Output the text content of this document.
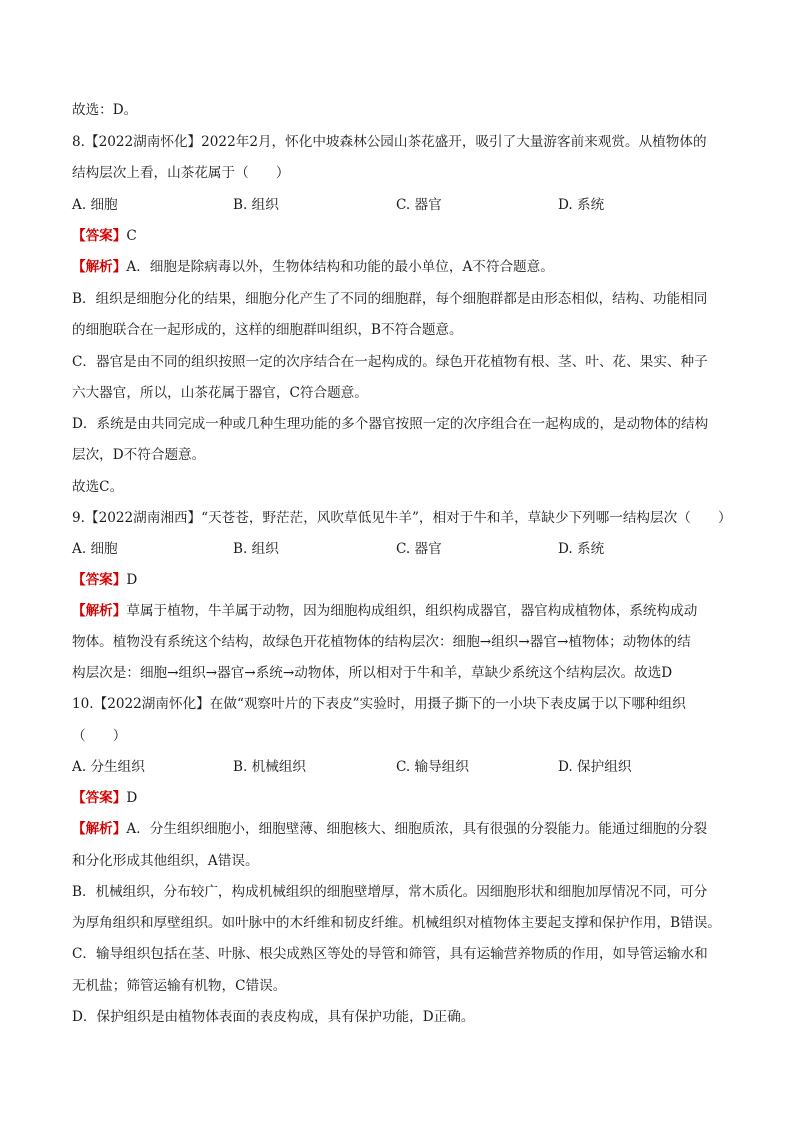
故选：D。
8.【2022湖南怀化】2022年2月，怀化中坡森林公园山茶花盛开，吸引了大量游客前来观赏。从植物体的
结构层次上看，山茶花属于（　　）
A. 细胞	B. 组织	C. 器官	D. 系统
【答案】C
【解析】A．细胞是除病毒以外，生物体结构和功能的最小单位，A不符合题意。
B．组织是细胞分化的结果，细胞分化产生了不同的细胞群，每个细胞群都是由形态相似，结构、功能相同
的细胞联合在一起形成的，这样的细胞群叫组织，B不符合题意。
C．器官是由不同的组织按照一定的次序结合在一起构成的。绿色开花植物有根、茎、叶、花、果实、种子
六大器官，所以，山茶花属于器官，C符合题意。
D．系统是由共同完成一种或几种生理功能的多个器官按照一定的次序组合在一起构成的，是动物体的结构
层次，D不符合题意。
故选C。
9.【2022湖南湘西】“天苍苍，野茫茫，风吹草低见牛羊”，相对于牛和羊，草缺少下列哪一结构层次（　　）
A. 细胞	B. 组织	C. 器官	D. 系统
【答案】D
【解析】草属于植物，牛羊属于动物，因为细胞构成组织，组织构成器官，器官构成植物体，系统构成动
物体。植物没有系统这个结构，故绿色开花植物体的结构层次：细胞→组织→器官→植物体；动物体的结
构层次是：细胞→组织→器官→系统→动物体，所以相对于牛和羊，草缺少系统这个结构层次。故选D
10.【2022湖南怀化】在做“观察叶片的下表皮”实验时，用摄子撕下的一小块下表皮属于以下哪种组织
（　　）
A. 分生组织	B. 机械组织	C. 输导组织	D. 保护组织
【答案】D
【解析】A．分生组织细胞小，细胞壁薄、细胞核大、细胞质浓，具有很强的分裂能力。能通过细胞的分裂
和分化形成其他组织，A错误。
B．机械组织，分布较广，构成机械组织的细胞壁增厚，常木质化。因细胞形状和细胞加厚情况不同，可分
为厚角组织和厚壁组织。如叶脉中的木纤维和韧皮纤维。机械组织对植物体主要起支撑和保护作用，B错误。
C．输导组织包括在茎、叶脉、根尖成熟区等处的导管和筛管，具有运输营养物质的作用，如导管运输水和
无机盐；筛管运输有机物，C错误。
D．保护组织是由植物体表面的表皮构成，具有保护功能，D正确。
